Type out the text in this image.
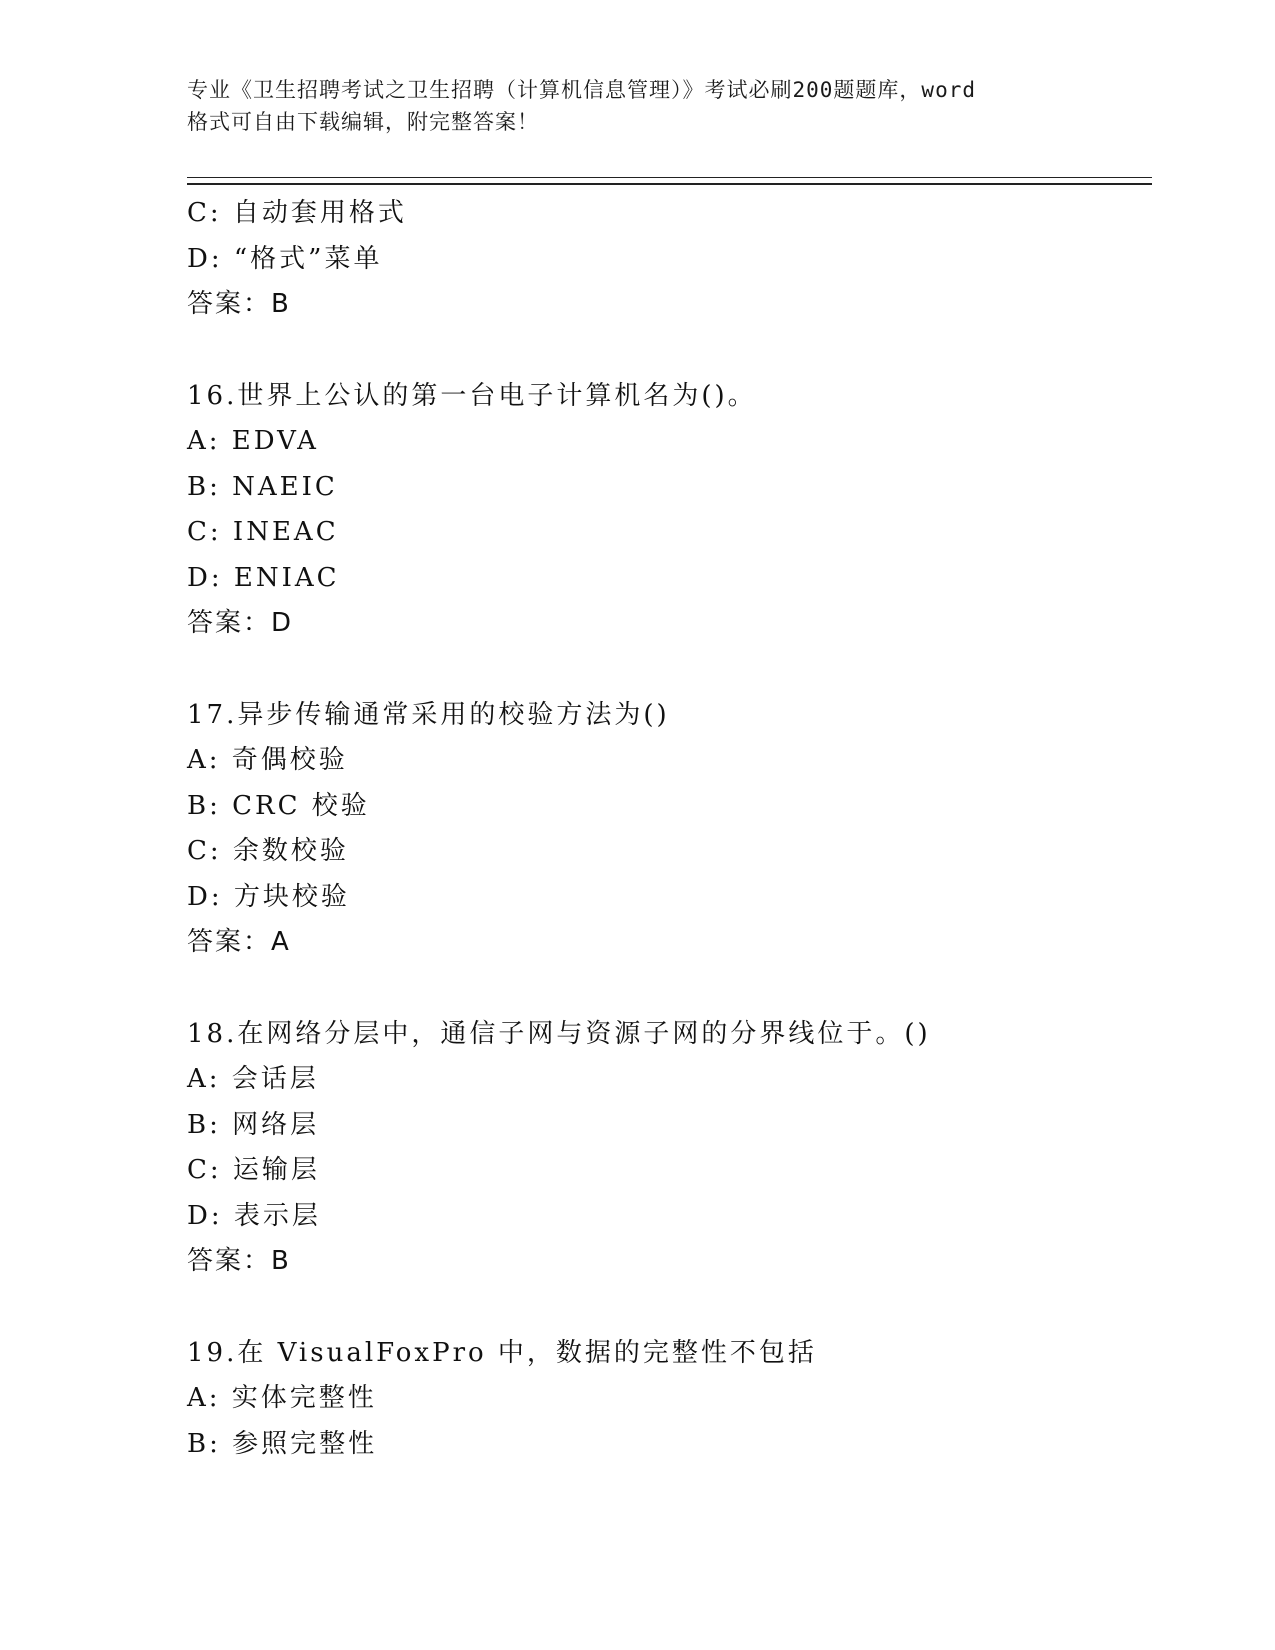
专业《卫生招聘考试之卫生招聘（计算机信息管理）》考试必刷200题题库，word
格式可自由下载编辑，附完整答案！
C: 自动套用格式
D: “格式”菜单
答案：B
16.世界上公认的第一台电子计算机名为()。
A: EDVA
B: NAEIC
C: INEAC
D: ENIAC
答案：D
17.异步传输通常采用的校验方法为()
A: 奇偶校验
B: CRC 校验
C: 余数校验
D: 方块校验
答案：A
18.在网络分层中，通信子网与资源子网的分界线位于。()
A: 会话层
B: 网络层
C: 运输层
D: 表示层
答案：B
19.在 VisualFoxPro 中，数据的完整性不包括
A: 实体完整性
B: 参照完整性
